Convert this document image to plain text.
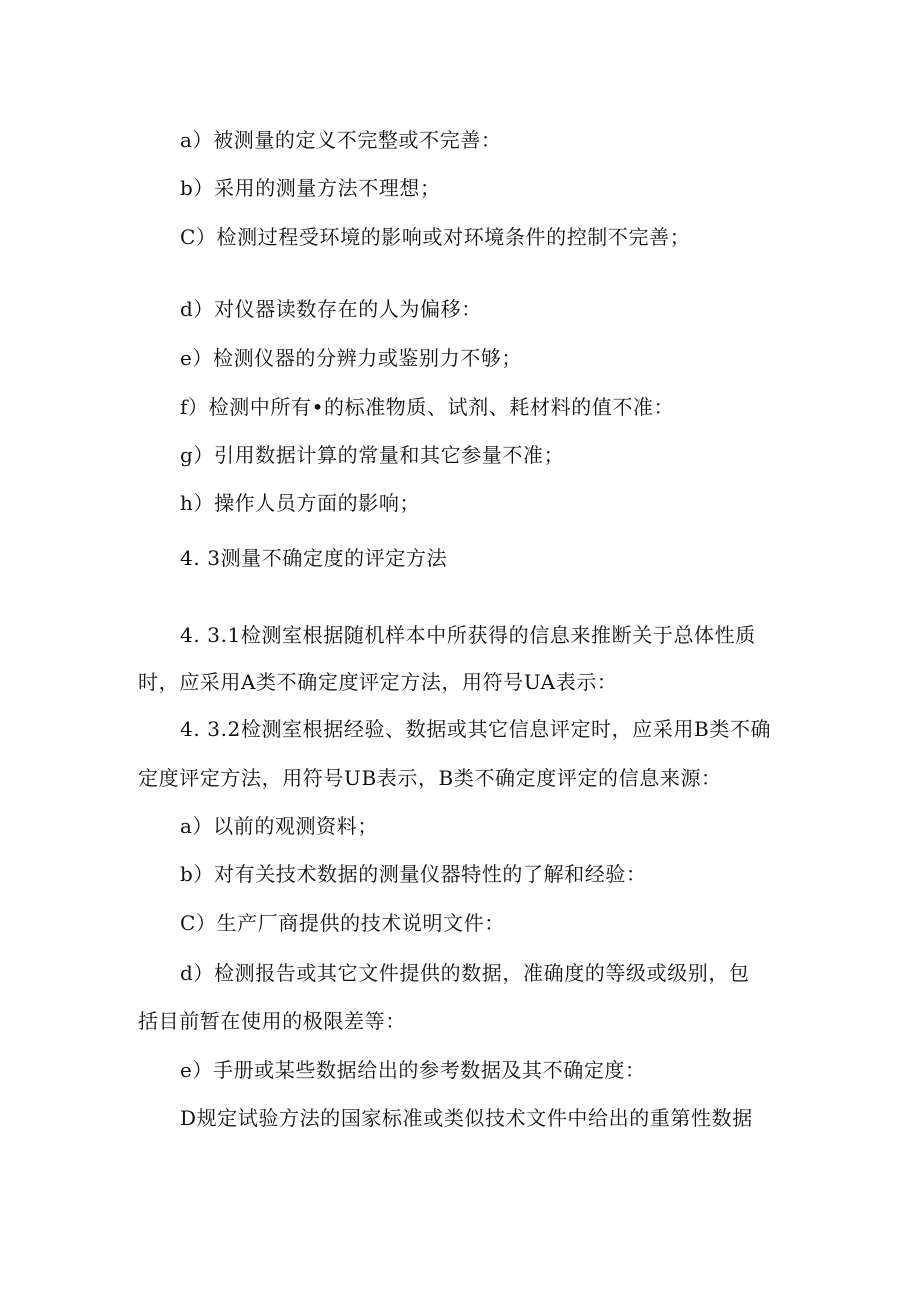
a）被测量的定义不完整或不完善：
b）采用的测量方法不理想；
C）检测过程受环境的影响或对环境条件的控制不完善；
d）对仪器读数存在的人为偏移：
e）检测仪器的分辨力或鉴别力不够；
f）检测中所有•的标准物质、试剂、耗材料的值不准：
g）引用数据计算的常量和其它参量不准；
h）操作人员方面的影响；
4. 3测量不确定度的评定方法
4. 3.1检测室根据随机样本中所获得的信息来推断关于总体性质
时，应采用A类不确定度评定方法，用符号UA表示：
4. 3.2检测室根据经验、数据或其它信息评定时，应采用B类不确
定度评定方法，用符号UB表示，B类不确定度评定的信息来源：
a）以前的观测资料；
b）对有关技术数据的测量仪器特性的了解和经验：
C）生产厂商提供的技术说明文件：
d）检测报告或其它文件提供的数据，准确度的等级或级别，包
括目前暂在使用的极限差等：
e）手册或某些数据给出的参考数据及其不确定度：
D规定试验方法的国家标准或类似技术文件中给出的重第性数据
